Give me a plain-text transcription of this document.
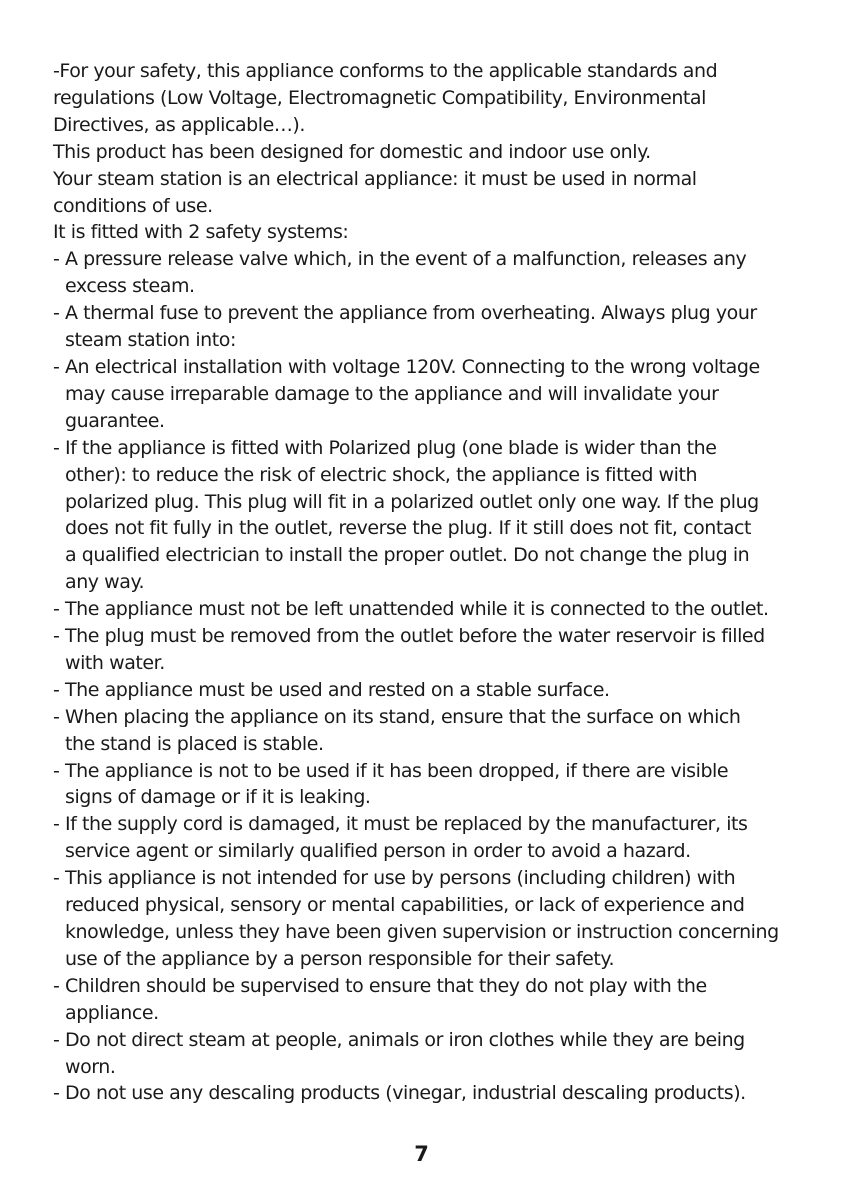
-For your safety, this appliance conforms to the applicable standards and
regulations (Low Voltage, Electromagnetic Compatibility, Environmental
Directives, as applicable…).
This product has been designed for domestic and indoor use only.
Your steam station is an electrical appliance: it must be used in normal
conditions of use.
It is fitted with 2 safety systems:
- A pressure release valve which, in the event of a malfunction, releases any
excess steam.
- A thermal fuse to prevent the appliance from overheating. Always plug your
steam station into:
- An electrical installation with voltage 120V. Connecting to the wrong voltage
may cause irreparable damage to the appliance and will invalidate your
guarantee.
- If the appliance is fitted with Polarized plug (one blade is wider than the
other): to reduce the risk of electric shock, the appliance is fitted with
polarized plug. This plug will fit in a polarized outlet only one way. If the plug
does not fit fully in the outlet, reverse the plug. If it still does not fit, contact
a qualified electrician to install the proper outlet. Do not change the plug in
any way.
- The appliance must not be left unattended while it is connected to the outlet.
- The plug must be removed from the outlet before the water reservoir is filled
with water.
- The appliance must be used and rested on a stable surface.
- When placing the appliance on its stand, ensure that the surface on which
the stand is placed is stable.
- The appliance is not to be used if it has been dropped, if there are visible
signs of damage or if it is leaking.
- If the supply cord is damaged, it must be replaced by the manufacturer, its
service agent or similarly qualified person in order to avoid a hazard.
- This appliance is not intended for use by persons (including children) with
reduced physical, sensory or mental capabilities, or lack of experience and
knowledge, unless they have been given supervision or instruction concerning
use of the appliance by a person responsible for their safety.
- Children should be supervised to ensure that they do not play with the
appliance.
- Do not direct steam at people, animals or iron clothes while they are being
worn.
- Do not use any descaling products (vinegar, industrial descaling products).
7
